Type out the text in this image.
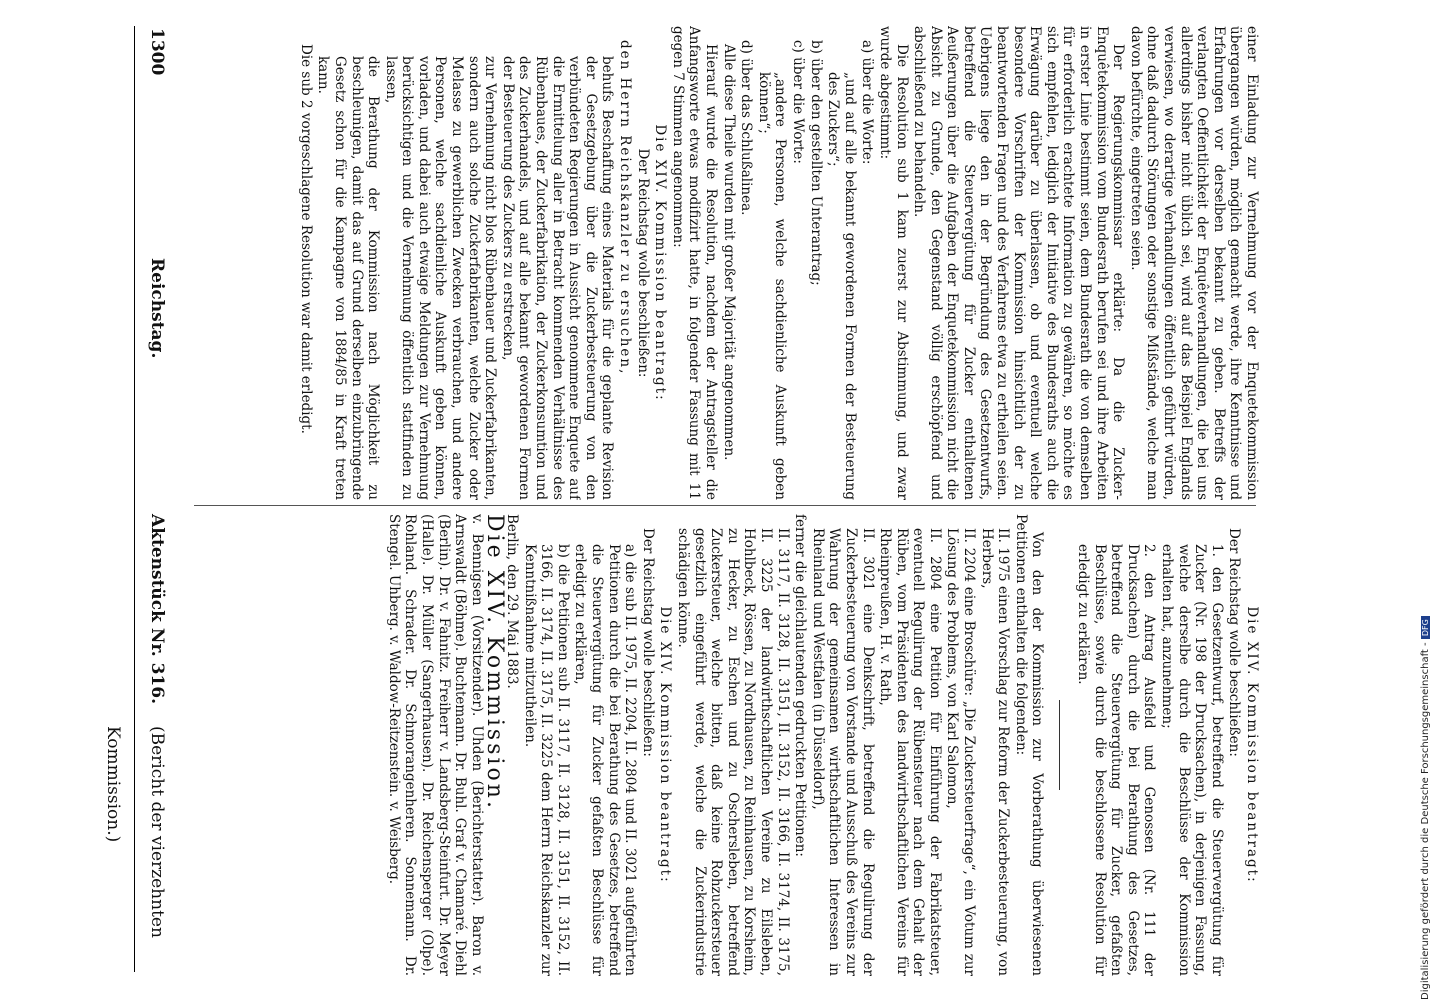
1300
Reichstag.
Aktenstück Nr. 316.
(Bericht der vierzehnten Kommission.)

einer Einladung zur Vernehmung vor der Enquetekommission übergangen würden, möglich gemacht werde, ihre Kenntnisse und Erfahrungen vor derselben bekannt zu geben. Betreffs der verlangten Oeffentlichkeit der Enquêteverhandlungen, die bei uns allerdings bisher nicht üblich sei, wird auf das Beispiel Englands verwiesen, wo derartige Verhandlungen öffentlich geführt würden, ohne daß dadurch Störungen oder sonstige Mißstände, welche man davon befürchte, eingetreten seien.

Der Regierungskommissar erklärte: Da die Zucker-Enquêtekommission vom Bundesrath berufen sei und ihre Arbeiten in erster Linie bestimmt seien, dem Bundesrath die von demselben für erforderlich erachtete Information zu gewähren, so möchte es sich empfehlen, lediglich der Initiative des Bundesraths auch die Erwägung darüber zu überlassen, ob und eventuell welche besondere Vorschriften der Kommission hinsichtlich der zu beantwortenden Fragen und des Verfahrens etwa zu ertheilen seien. Uebrigens liege den in der Begründung des Gesetzentwurfs, betreffend die Steuervergütung für Zucker enthaltenen Aeußerungen über die Aufgaben der Enquetekommission nicht die Absicht zu Grunde, den Gegenstand völlig erschöpfend und abschließend zu behandeln.

Die Resolution sub 1 kam zuerst zur Abstimmung, und zwar wurde abgestimmt:

a) über die Worte:

„und auf alle bekannt gewordenen Formen der Besteuerung des Zuckers“;

b) über den gestellten Unterantrag;

c) über die Worte:

„andere Personen, welche sachdienliche Auskunft geben können“;

d) über das Schlußalinea.

Alle diese Theile wurden mit großer Majorität angenommen.

Hierauf wurde die Resolution, nachdem der Antragsteller die Anfangsworte etwas modifizirt hatte, in folgender Fassung mit 11 gegen 7 Stimmen angenommen:

Die XIV. Kommission beantragt:

Der Reichstag wolle beschließen:

den Herrn Reichskanzler zu ersuchen,

behufs Beschaffung eines Materials für die geplante Revision der Gesetzgebung über die Zuckerbesteuerung von den verbündeten Regierungen in Aussicht genommene Enquete auf die Ermittelung aller in Betracht kommenden Verhältnisse des Rübenbaues, der Zuckerfabrikation, der Zuckerkonsumtion und des Zuckerhandels, und auf alle bekannt gewordenen Formen der Besteuerung des Zuckers zu erstrecken,

zur Vernehmung nicht blos Rübenbauer und Zuckerfabrikanten, sondern auch solche Zuckerfabrikanten, welche Zucker oder Melasse zu gewerblichen Zwecken verbrauchen, und andere Personen, welche sachdienliche Auskunft geben können, vorladen, und dabei auch etwaige Meldungen zur Vernehmung berücksichtigen und die Vernehmung öffentlich stattfinden zu lassen,

die Berathung der Kommission nach Möglichkeit zu beschleunigen, damit das auf Grund derselben einzubringende Gesetz schon für die Kampagne von 1884/85 in Kraft treten kann.

Die sub 2 vorgeschlagene Resolution war damit erledigt.

Die XIV. Kommission beantragt:

Der Reichstag wolle beschließen:

1. den Gesetzentwurf, betreffend die Steuervergütung für Zucker (Nr. 198 der Drucksachen), in derjenigen Fassung, welche derselbe durch die Beschlüsse der Kommission erhalten hat, anzunehmen;

2. den Antrag Ausfeld und Genossen (Nr. 111 der Drucksachen) durch die bei Berathung des Gesetzes, betreffend die Steuervergütung für Zucker, gefaßten Beschlüsse, sowie durch die beschlossene Resolution für erledigt zu erklären.

Von den der Kommission zur Vorberathung überwiesenen Petitionen enthalten die folgenden:

II. 1975 einen Vorschlag zur Reform der Zuckerbesteuerung, von Herbers,

II. 2204 eine Broschüre: „Die Zuckersteuerfrage“, ein Votum zur Lösung des Problems, von Karl Salomon,

II. 2804 eine Petition für Einführung der Fabrikatsteuer, eventuell Regulirung der Rübensteuer nach dem Gehalt der Rüben, vom Präsidenten des landwirthschaftlichen Vereins für Rheinpreußen, H. v. Rath,

II. 3021 eine Denkschrift, betreffend die Regulirung der Zuckerbesteuerung von Vorstande und Ausschuß des Vereins zur Wahrung der gemeinsamen wirthschaftlichen Interessen in Rheinland und Westfalen (in Düsseldorf),

ferner die gleichlautenden gedruckten Petitionen:

II. 3117, II. 3128, II. 3151, II. 3152, II. 3166, II. 3174, II. 3175, II. 3225 der landwirthschaftlichen Vereine zu Eilsleben, Hohlbeck, Rössen, zu Nordhausen, zu Reinhausen, zu Korsheim, zu Hecker, zu Eschen und zu Oschersleben, betreffend Zuckersteuer, welche bitten, daß keine Rohzuckersteuer gesetzlich eingeführt werde, welche die Zuckerindustrie schädigen könne.

Die XIV. Kommission beantragt:

Der Reichstag wolle beschließen:

a) die sub II. 1975, II. 2204, II. 2804 und II. 3021 aufgeführten Petitionen durch die bei Berathung des Gesetzes, betreffend die Steuervergütung für Zucker gefaßten Beschlüsse für erledigt zu erklären,

b) die Petitionen sub II. 3117, II. 3128, II. 3151, II. 3152, II. 3166, II. 3174, II. 3175, II. 3225 dem Herrn Reichskanzler zur Kenntnißnahme mitzutheilen.

Berlin, den 29. Mai 1883.

Die XIV. Kommission.

v. Bennigsen (Vorsitzender). Uhden (Berichterstatter). Baron v. Arnswaldt (Böhme). Buchtemann. Dr. Buhl. Graf v. Chamaré. Diehl (Berlin). Dr. v. Fahnitz. Freiherr v. Landsberg-Steinfurt. Dr. Meyer (Halle). Dr. Müller (Sangerhausen). Dr. Reichensperger (Olpe). Rohland. Schrader. Dr. Schmorangenheren. Sonnemann. Dr. Stengel. Uhberg. v. Waldow-Reitzenstein. v. Weisberg.	Digitalisierung gefördert durch die Deutsche Forschungsgemeinschaft - DFG
